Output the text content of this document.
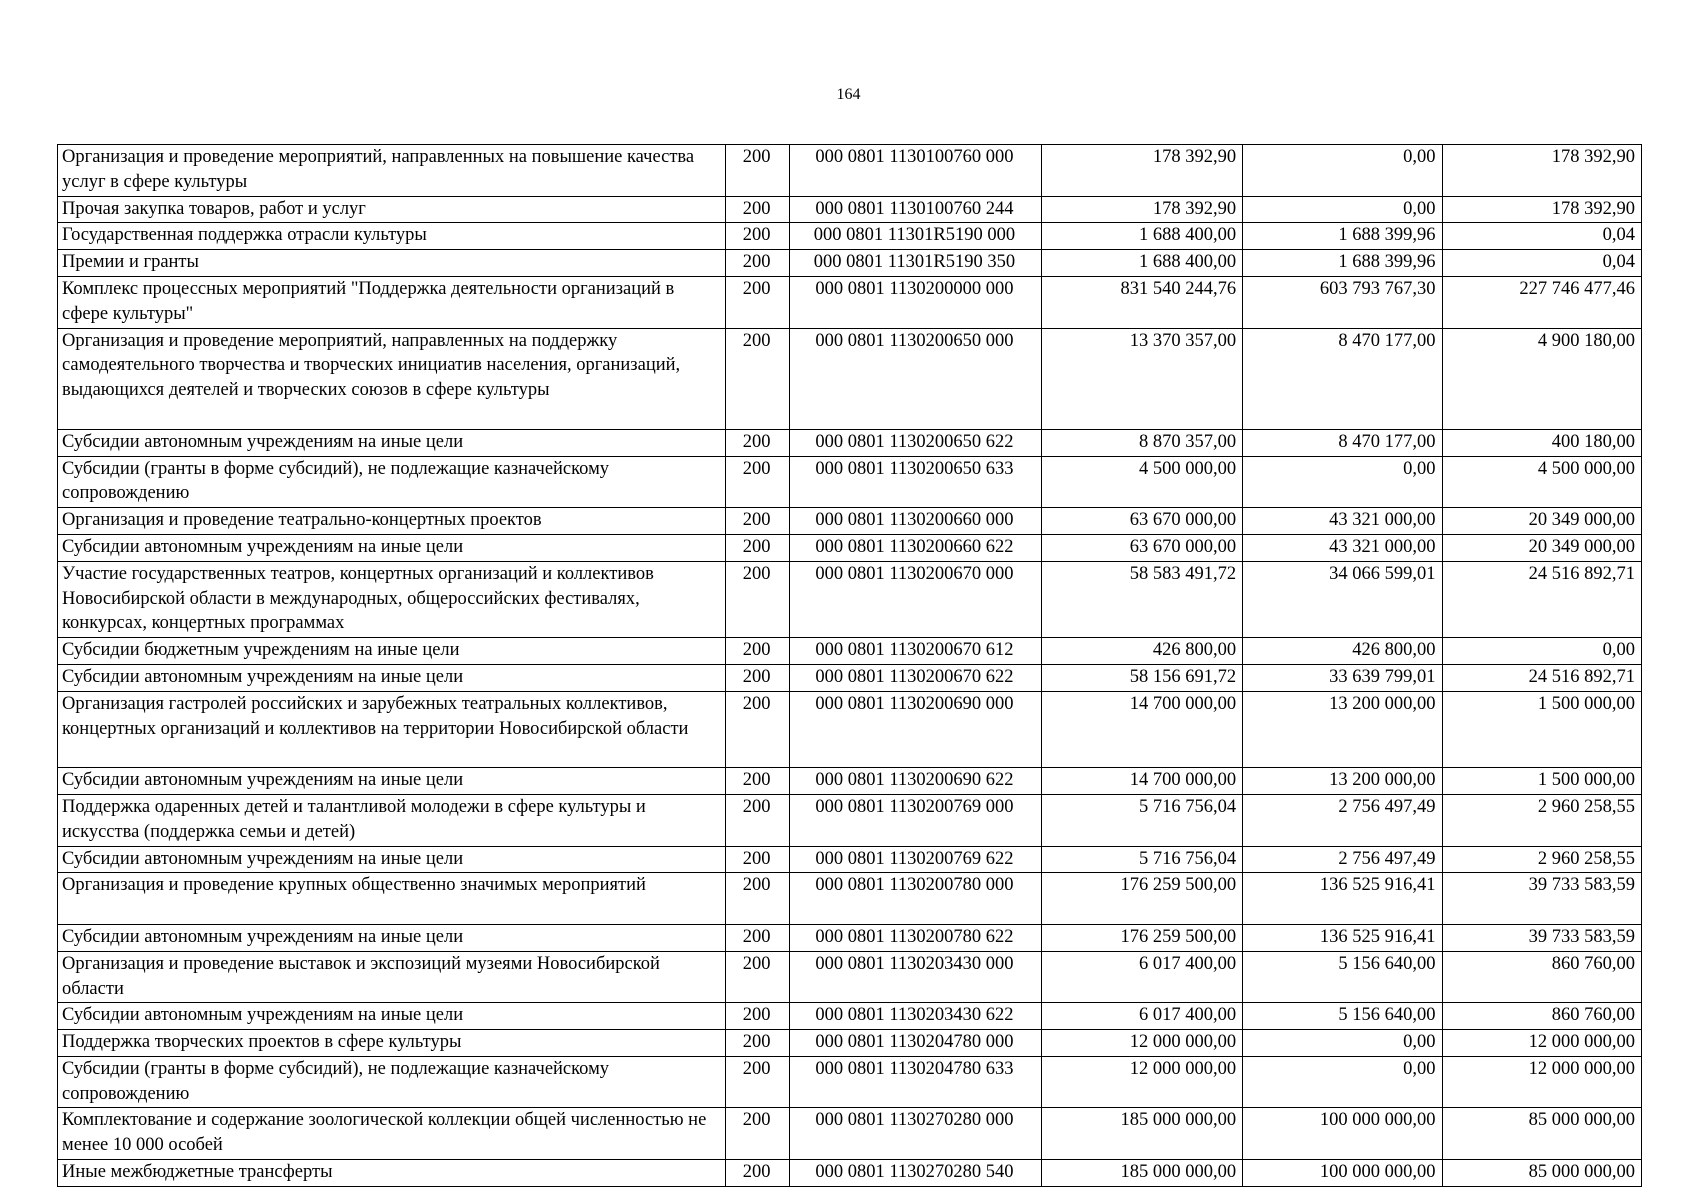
164
Организация и проведение мероприятий, направленных на повышение качества услуг в сфере культуры	200	000 0801 1130100760 000	178 392,90	0,00	178 392,90
Прочая закупка товаров, работ и услуг	200	000 0801 1130100760 244	178 392,90	0,00	178 392,90
Государственная поддержка отрасли культуры	200	000 0801 11301R5190 000	1 688 400,00	1 688 399,96	0,04
Премии и гранты	200	000 0801 11301R5190 350	1 688 400,00	1 688 399,96	0,04
Комплекс процессных мероприятий "Поддержка деятельности организаций в сфере культуры"	200	000 0801 1130200000 000	831 540 244,76	603 793 767,30	227 746 477,46
Организация и проведение мероприятий, направленных на поддержку самодеятельного творчества и творческих инициатив населения, организаций, выдающихся деятелей и творческих союзов в сфере культуры	200	000 0801 1130200650 000	13 370 357,00	8 470 177,00	4 900 180,00
Субсидии автономным учреждениям на иные цели	200	000 0801 1130200650 622	8 870 357,00	8 470 177,00	400 180,00
Субсидии (гранты в форме субсидий), не подлежащие казначейскому сопровождению	200	000 0801 1130200650 633	4 500 000,00	0,00	4 500 000,00
Организация и проведение театрально-концертных проектов	200	000 0801 1130200660 000	63 670 000,00	43 321 000,00	20 349 000,00
Субсидии автономным учреждениям на иные цели	200	000 0801 1130200660 622	63 670 000,00	43 321 000,00	20 349 000,00
Участие государственных театров, концертных организаций и коллективов Новосибирской области в международных, общероссийских фестивалях, конкурсах, концертных программах	200	000 0801 1130200670 000	58 583 491,72	34 066 599,01	24 516 892,71
Субсидии бюджетным учреждениям на иные цели	200	000 0801 1130200670 612	426 800,00	426 800,00	0,00
Субсидии автономным учреждениям на иные цели	200	000 0801 1130200670 622	58 156 691,72	33 639 799,01	24 516 892,71
Организация гастролей российских и зарубежных театральных коллективов, концертных организаций и коллективов на территории Новосибирской области	200	000 0801 1130200690 000	14 700 000,00	13 200 000,00	1 500 000,00
Субсидии автономным учреждениям на иные цели	200	000 0801 1130200690 622	14 700 000,00	13 200 000,00	1 500 000,00
Поддержка одаренных детей и талантливой молодежи в сфере культуры и искусства (поддержка семьи и детей)	200	000 0801 1130200769 000	5 716 756,04	2 756 497,49	2 960 258,55
Субсидии автономным учреждениям на иные цели	200	000 0801 1130200769 622	5 716 756,04	2 756 497,49	2 960 258,55
Организация и проведение крупных общественно значимых мероприятий	200	000 0801 1130200780 000	176 259 500,00	136 525 916,41	39 733 583,59
Субсидии автономным учреждениям на иные цели	200	000 0801 1130200780 622	176 259 500,00	136 525 916,41	39 733 583,59
Организация и проведение выставок и экспозиций музеями Новосибирской области	200	000 0801 1130203430 000	6 017 400,00	5 156 640,00	860 760,00
Субсидии автономным учреждениям на иные цели	200	000 0801 1130203430 622	6 017 400,00	5 156 640,00	860 760,00
Поддержка творческих проектов в сфере культуры	200	000 0801 1130204780 000	12 000 000,00	0,00	12 000 000,00
Субсидии (гранты в форме субсидий), не подлежащие казначейскому сопровождению	200	000 0801 1130204780 633	12 000 000,00	0,00	12 000 000,00
Комплектование и содержание зоологической коллекции общей численностью не менее 10 000 особей	200	000 0801 1130270280 000	185 000 000,00	100 000 000,00	85 000 000,00
Иные межбюджетные трансферты	200	000 0801 1130270280 540	185 000 000,00	100 000 000,00	85 000 000,00
